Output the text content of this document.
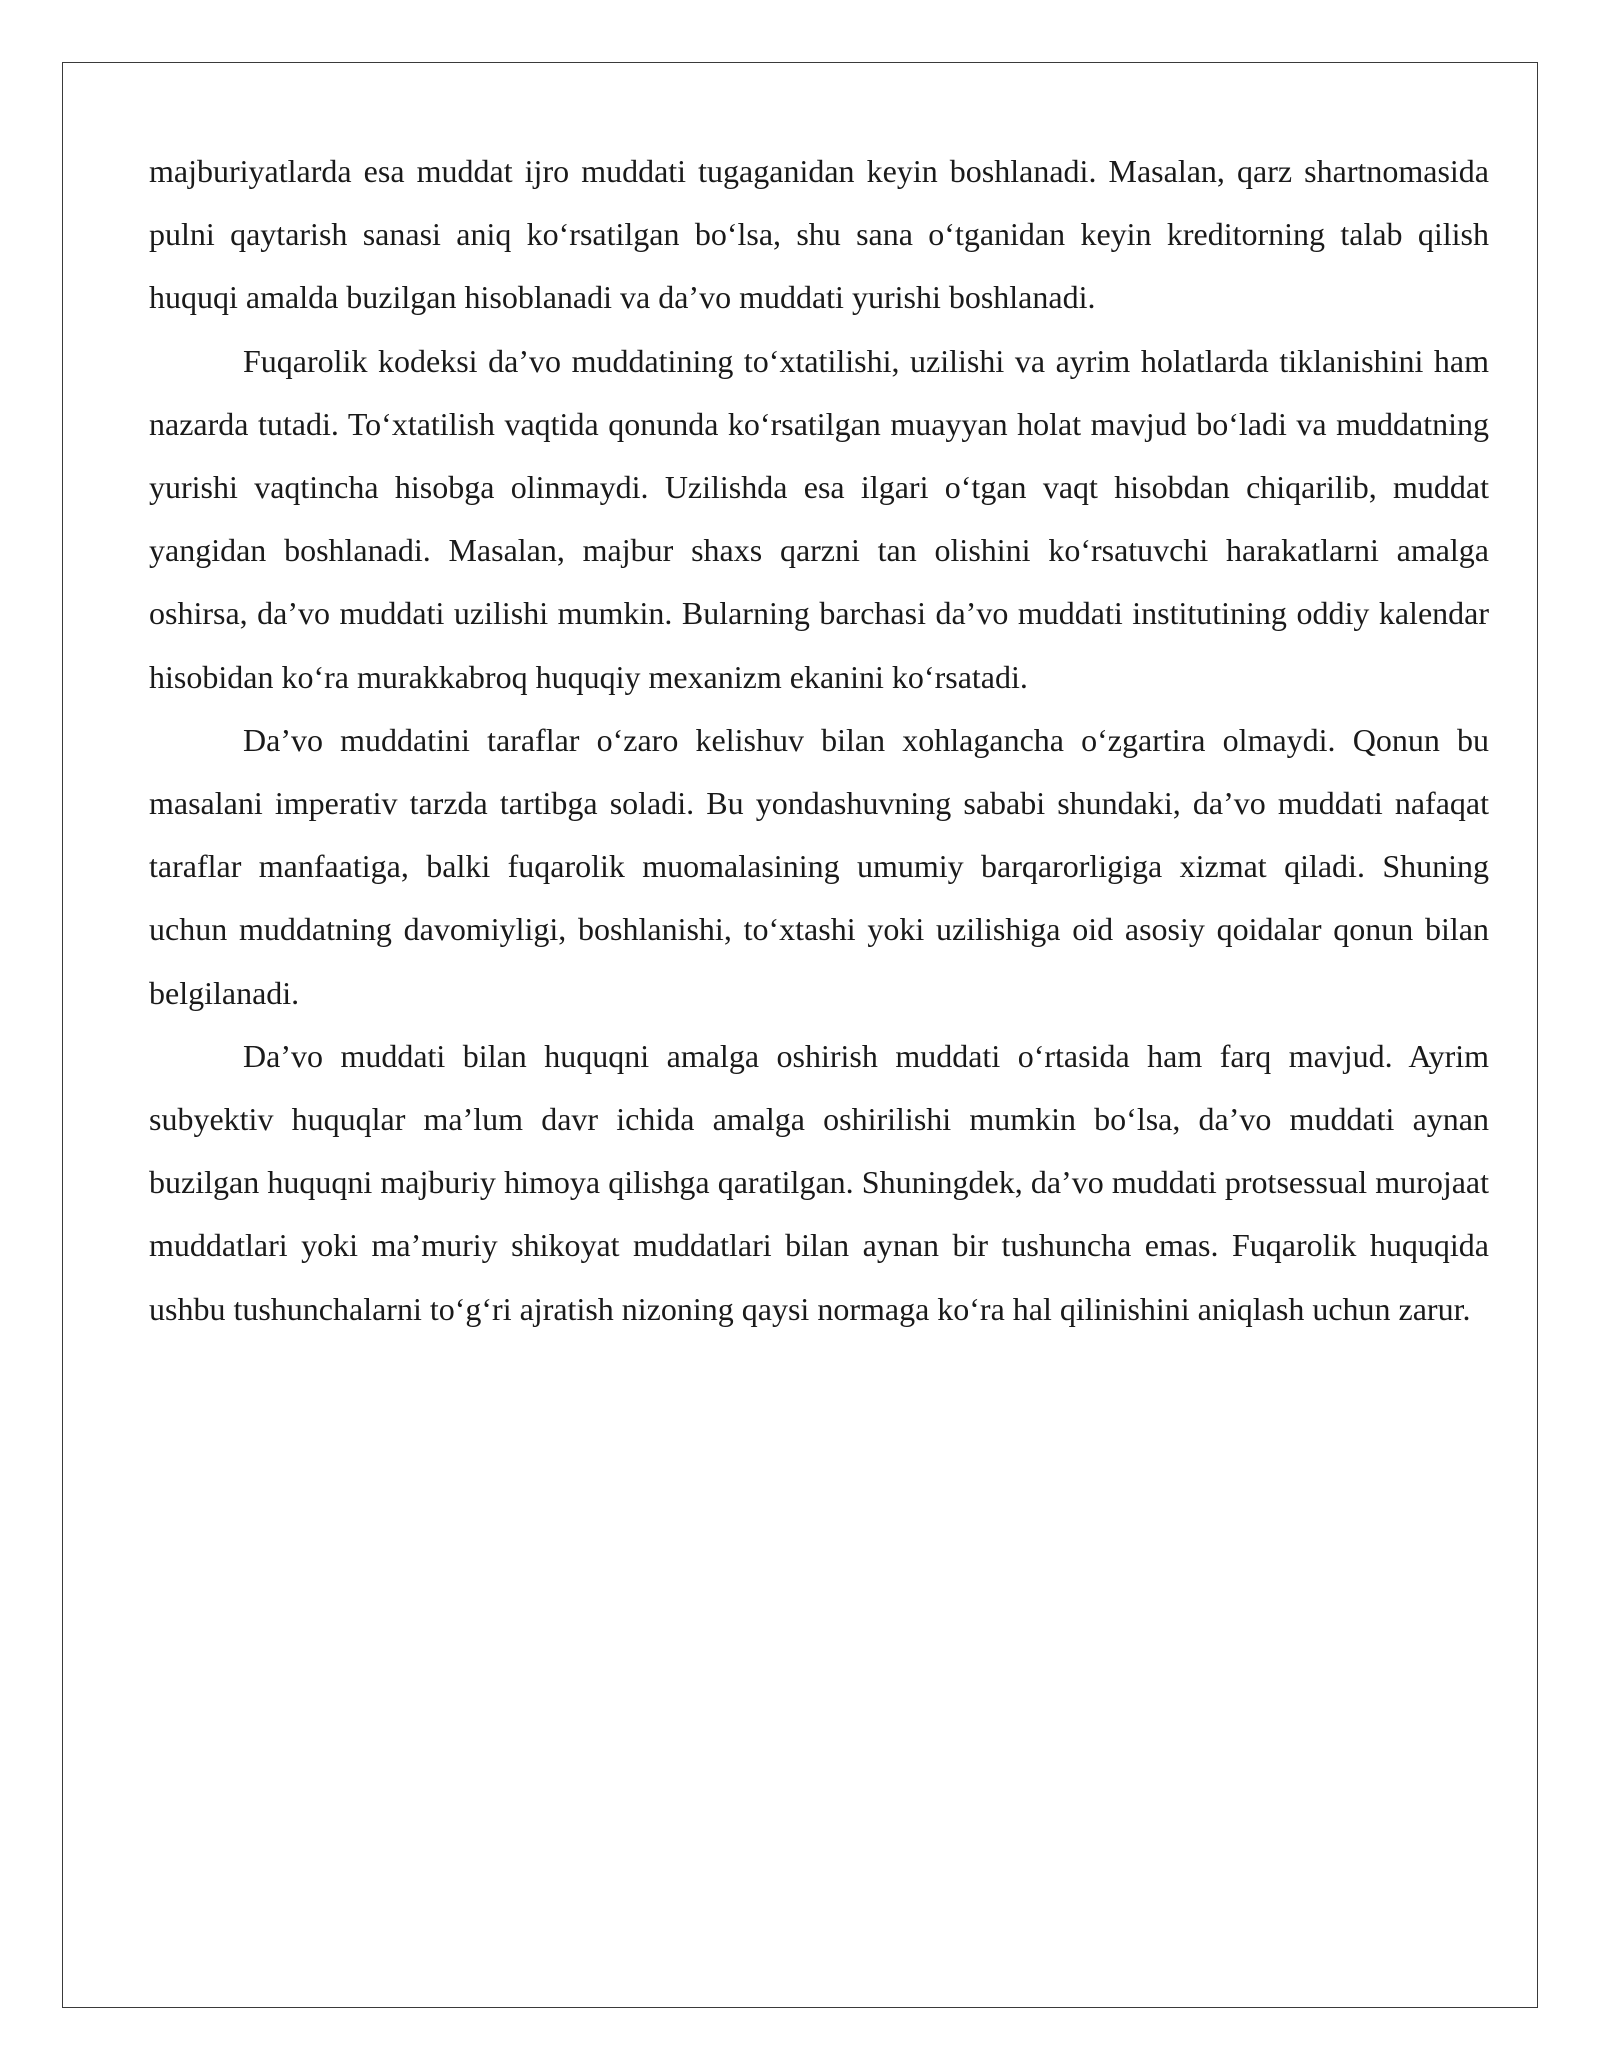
majburiyatlarda esa muddat ijro muddati tugaganidan keyin boshlanadi. Masalan, qarz shartnomasida pulni qaytarish sanasi aniq ko‘rsatilgan bo‘lsa, shu sana o‘tganidan keyin kreditorning talab qilish huquqi amalda buzilgan hisoblanadi va da’vo muddati yurishi boshlanadi.

Fuqarolik kodeksi da’vo muddatining to‘xtatilishi, uzilishi va ayrim holatlarda tiklanishini ham nazarda tutadi. To‘xtatilish vaqtida qonunda ko‘rsatilgan muayyan holat mavjud bo‘ladi va muddatning yurishi vaqtincha hisobga olinmaydi. Uzilishda esa ilgari o‘tgan vaqt hisobdan chiqarilib, muddat yangidan boshlanadi. Masalan, majbur shaxs qarzni tan olishini ko‘rsatuvchi harakatlarni amalga oshirsa, da’vo muddati uzilishi mumkin. Bularning barchasi da’vo muddati institutining oddiy kalendar hisobidan ko‘ra murakkabroq huquqiy mexanizm ekanini ko‘rsatadi.

Da’vo muddatini taraflar o‘zaro kelishuv bilan xohlagancha o‘zgartira olmaydi. Qonun bu masalani imperativ tarzda tartibga soladi. Bu yondashuvning sababi shundaki, da’vo muddati nafaqat taraflar manfaatiga, balki fuqarolik muomalasining umumiy barqarorligiga xizmat qiladi. Shuning uchun muddatning davomiyligi, boshlanishi, to‘xtashi yoki uzilishiga oid asosiy qoidalar qonun bilan belgilanadi.

Da’vo muddati bilan huquqni amalga oshirish muddati o‘rtasida ham farq mavjud. Ayrim subyektiv huquqlar ma’lum davr ichida amalga oshirilishi mumkin bo‘lsa, da’vo muddati aynan buzilgan huquqni majburiy himoya qilishga qaratilgan. Shuningdek, da’vo muddati protsessual murojaat muddatlari yoki ma’muriy shikoyat muddatlari bilan aynan bir tushuncha emas. Fuqarolik huquqida ushbu tushunchalarni to‘g‘ri ajratish nizoning qaysi normaga ko‘ra hal qilinishini aniqlash uchun zarur.
